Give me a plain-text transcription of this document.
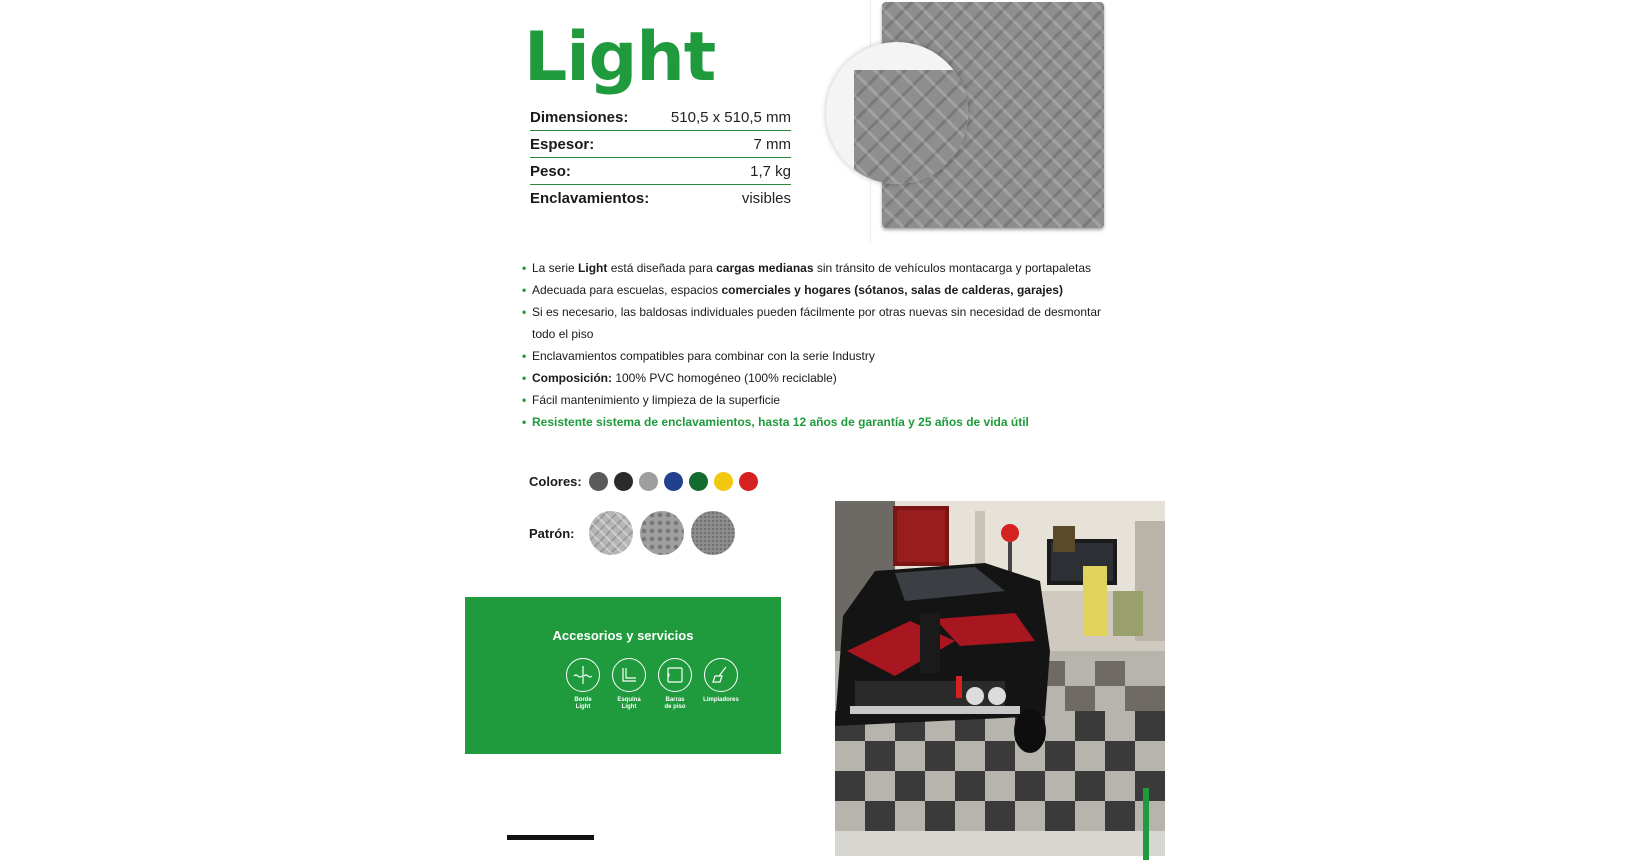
Light
Dimensiones:	510,5 x 510,5 mm
Espesor:	7 mm
Peso:	1,7 kg
Enclavamientos:	visibles
• La serie Light está diseñada para cargas medianas sin tránsito de vehículos montacarga y portapaletas
• Adecuada para escuelas, espacios comerciales y hogares (sótanos, salas de calderas, garajes)
• Si es necesario, las baldosas individuales pueden fácilmente por otras nuevas sin necesidad de desmontar
todo el piso
• Enclavamientos compatibles para combinar con la serie Industry
• Composición: 100% PVC homogéneo (100% reciclable)
• Fácil mantenimiento y limpieza de la superficie
• Resistente sistema de enclavamientos, hasta 12 años de garantía y 25 años de vida útil
Colores:
Patrón:
Accesorios y servicios
Borde
Light
Esquina
Light
Barras
de piso
Limpiadores
